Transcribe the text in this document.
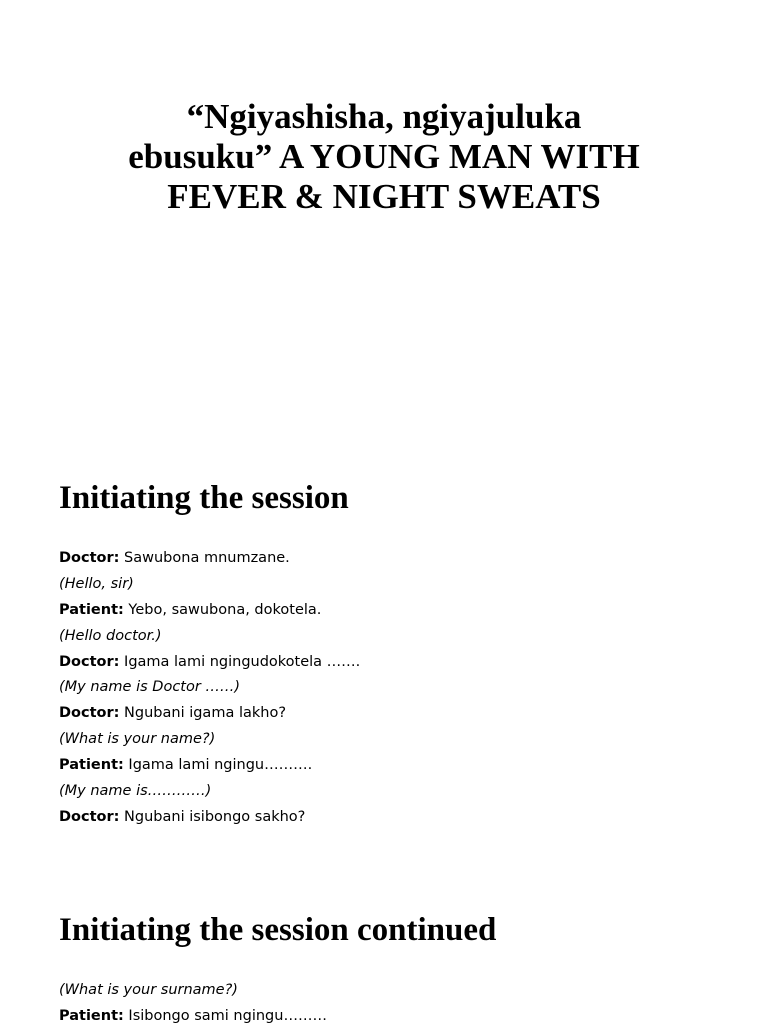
“Ngiyashisha, ngiyajuluka
ebusuku” A YOUNG MAN WITH
FEVER & NIGHT SWEATS
Initiating the session
Doctor: Sawubona mnumzane.
(Hello, sir)
Patient: Yebo, sawubona, dokotela.
(Hello doctor.)
Doctor: Igama lami ngingudokotela …….
(My name is Doctor ……)
Doctor: Ngubani igama lakho?
(What is your name?)
Patient: Igama lami ngingu……….
(My name is…………)
Doctor: Ngubani isibongo sakho?
Initiating the session continued
(What is your surname?)
Patient: Isibongo sami ngingu………
